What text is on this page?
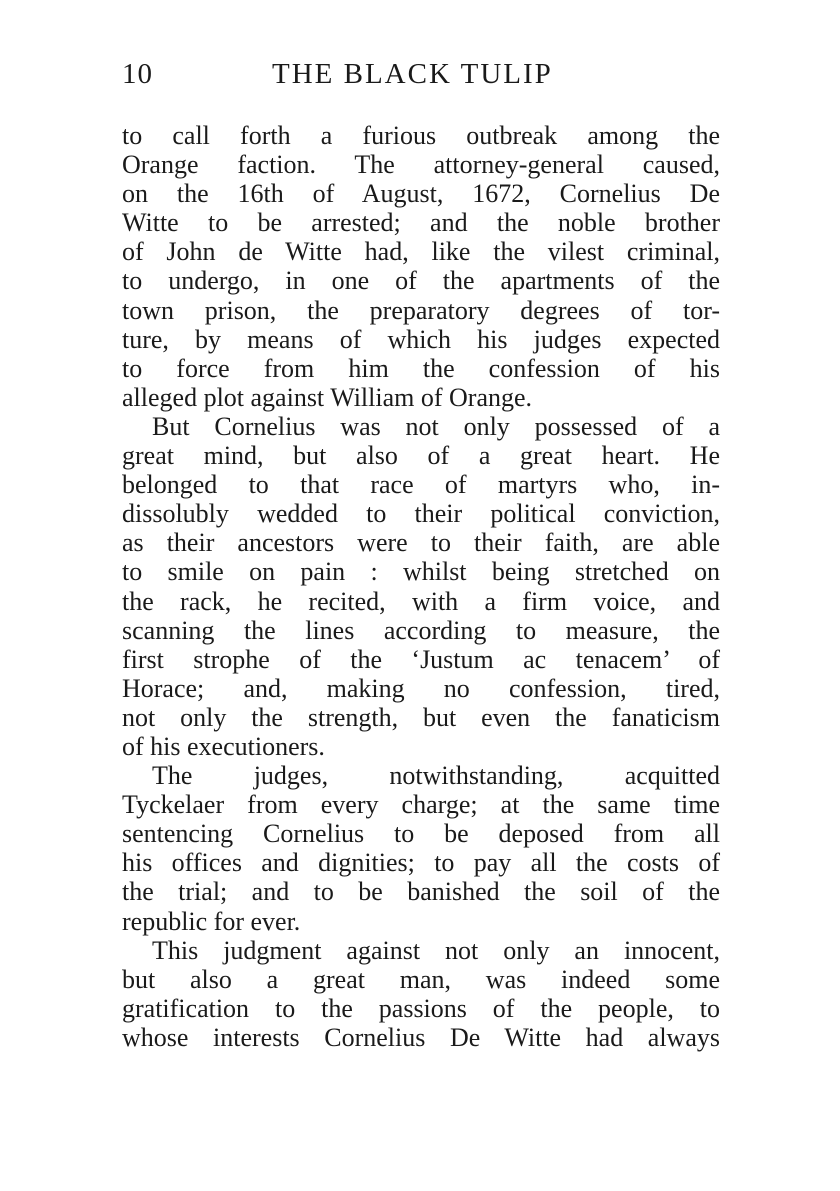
10	THE BLACK TULIP
to call forth a furious outbreak among the
Orange faction. The attorney-general caused,
on the 16th of August, 1672, Cornelius De
Witte to be arrested; and the noble brother
of John de Witte had, like the vilest criminal,
to undergo, in one of the apartments of the
town prison, the preparatory degrees of tor-
ture, by means of which his judges expected
to force from him the confession of his
alleged plot against William of Orange.
But Cornelius was not only possessed of a
great mind, but also of a great heart. He
belonged to that race of martyrs who, in-
dissolubly wedded to their political conviction,
as their ancestors were to their faith, are able
to smile on pain : whilst being stretched on
the rack, he recited, with a firm voice, and
scanning the lines according to measure, the
first strophe of the ‘Justum ac tenacem’ of
Horace; and, making no confession, tired,
not only the strength, but even the fanaticism
of his executioners.
The judges, notwithstanding, acquitted
Tyckelaer from every charge; at the same time
sentencing Cornelius to be deposed from all
his offices and dignities; to pay all the costs of
the trial; and to be banished the soil of the
republic for ever.
This judgment against not only an innocent,
but also a great man, was indeed some
gratification to the passions of the people, to
whose interests Cornelius De Witte had always
